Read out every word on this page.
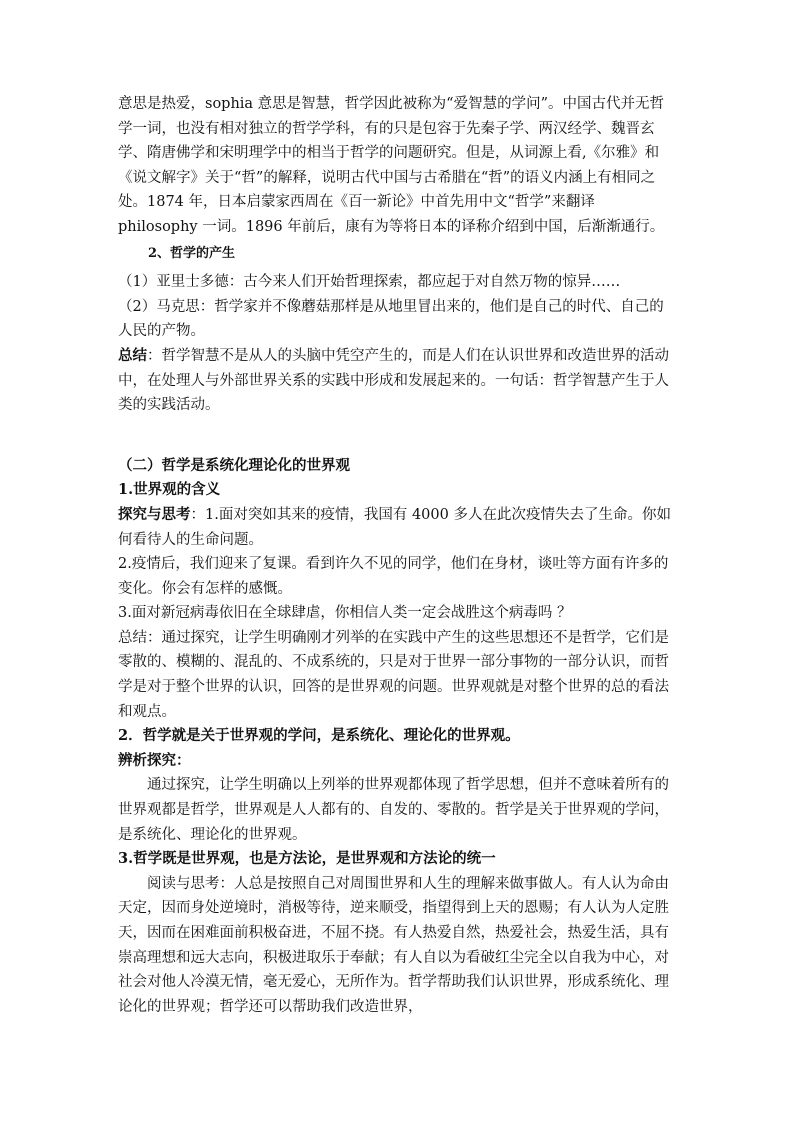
意思是热爱，sophia 意思是智慧，哲学因此被称为“爱智慧的学问”。中国古代并无哲学一词，也没有相对独立的哲学学科，有的只是包容于先秦子学、两汉经学、魏晋玄学、隋唐佛学和宋明理学中的相当于哲学的问题研究。但是，从词源上看,《尔雅》和《说文解字》关于“哲”的解释，说明古代中国与古希腊在“哲”的语义内涵上有相同之处。1874 年，日本启蒙家西周在《百一新论》中首先用中文“哲学”来翻译 philosophy 一词。1896 年前后，康有为等将日本的译称介绍到中国，后渐渐通行。

2、哲学的产生

（1）亚里士多德：古今来人们开始哲理探索，都应起于对自然万物的惊异……

（2）马克思：哲学家并不像蘑菇那样是从地里冒出来的，他们是自己的时代、自己的人民的产物。

总结：哲学智慧不是从人的头脑中凭空产生的，而是人们在认识世界和改造世界的活动中，在处理人与外部世界关系的实践中形成和发展起来的。一句话：哲学智慧产生于人类的实践活动。

（二）哲学是系统化理论化的世界观

1.世界观的含义

探究与思考：1.面对突如其来的疫情，我国有 4000 多人在此次疫情失去了生命。你如何看待人的生命问题。

2.疫情后，我们迎来了复课。看到许久不见的同学，他们在身材，谈吐等方面有许多的变化。你会有怎样的感慨。

3.面对新冠病毒依旧在全球肆虐，你相信人类一定会战胜这个病毒吗 ？

总结：通过探究，让学生明确刚才列举的在实践中产生的这些思想还不是哲学，它们是零散的、模糊的、混乱的、不成系统的，只是对于世界一部分事物的一部分认识，而哲学是对于整个世界的认识，回答的是世界观的问题。世界观就是对整个世界的总的看法和观点。

2．哲学就是关于世界观的学问，是系统化、理论化的世界观。

辨析探究：

通过探究，让学生明确以上列举的世界观都体现了哲学思想，但并不意味着所有的世界观都是哲学，世界观是人人都有的、自发的、零散的。哲学是关于世界观的学问，是系统化、理论化的世界观。

3.哲学既是世界观，也是方法论，是世界观和方法论的统一

阅读与思考：人总是按照自己对周围世界和人生的理解来做事做人。有人认为命由天定，因而身处逆境时，消极等待，逆来顺受，指望得到上天的恩赐；有人认为人定胜天，因而在困难面前积极奋进，不屈不挠。有人热爱自然，热爱社会，热爱生活，具有崇高理想和远大志向，积极进取乐于奉献；有人自以为看破红尘完全以自我为中心，对社会对他人冷漠无情，毫无爱心，无所作为。哲学帮助我们认识世界，形成系统化、理论化的世界观；哲学还可以帮助我们改造世界，
